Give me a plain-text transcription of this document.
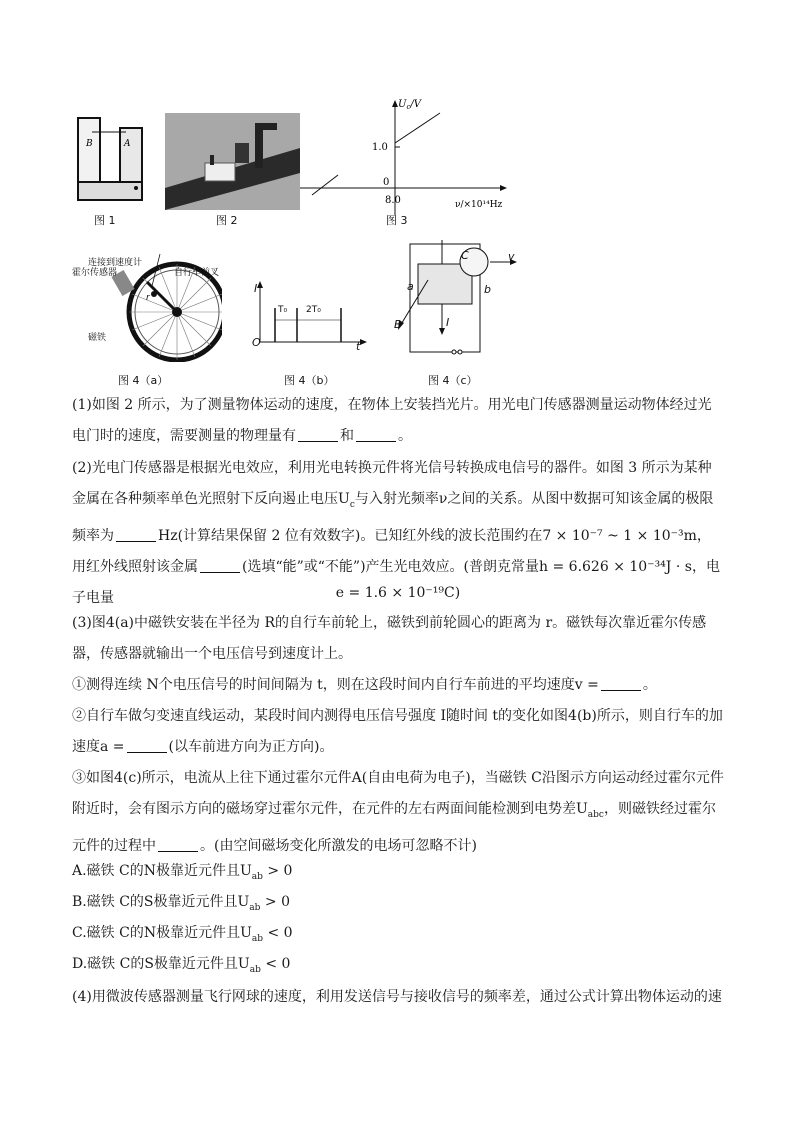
B	A
图 1	图 2
$U_c/V$
1.0
0
8.0	ν/×10¹⁴Hz
图 3
连接到速度计
自行车前叉
霍尔传感器
磁铁
r
图 4（a）
I
O	t
T₀ 2T₀
图 4（b）
C	v
a	b
B	I
图 4（c）
(1)如图 2 所示，为了测量物体运动的速度，在物体上安装挡光片。用光电门传感器测量运动物体经过光电门时的速度，需要测量的物理量有	和	。
(2)光电门传感器是根据光电效应，利用光电转换元件将光信号转换成电信号的器件。如图 3 所示为某种金属在各种频率单色光照射下反向遏止电压$U_c$与入射光频率ν之间的关系。从图中数据可知该金属的极限频率为	Hz(计算结果保留 2 位有效数字)。已知红外线的波长范围约在7 × 10⁻⁷ ~ 1 × 10⁻³m，用红外线照射该金属	(选填“能”或“不能”)产生光电效应。(普朗克常量h = 6.626 × 10⁻³⁴J · s，电子电量	e = 1.6 × 10⁻¹⁹C)
(3)图4(a)中磁铁安装在半径为 R的自行车前轮上，磁铁到前轮圆心的距离为 r。磁铁每次靠近霍尔传感器，传感器就输出一个电压信号到速度计上。
①测得连续 N个电压信号的时间间隔为 t，则在这段时间内自行车前进的平均速度v =	。
②自行车做匀变速直线运动，某段时间内测得电压信号强度 I随时间 t的变化如图4(b)所示，则自行车的加速度a =	(以车前进方向为正方向)。
③如图4(c)所示，电流从上往下通过霍尔元件A(自由电荷为电子)，当磁铁 C沿图示方向运动经过霍尔元件附近时，会有图示方向的磁场穿过霍尔元件，在元件的左右两面间能检测到电势差$U_{abc}$，则磁铁经过霍尔元件的过程中	。(由空间磁场变化所激发的电场可忽略不计)
A.磁铁 C的N极靠近元件且$U_{ab} > 0$
B.磁铁 C的S极靠近元件且$U_{ab} > 0$
C.磁铁 C的N极靠近元件且$U_{ab} < 0$
D.磁铁 C的S极靠近元件且$U_{ab} < 0$
(4)用微波传感器测量飞行网球的速度，利用发送信号与接收信号的频率差，通过公式计算出物体运动的速
